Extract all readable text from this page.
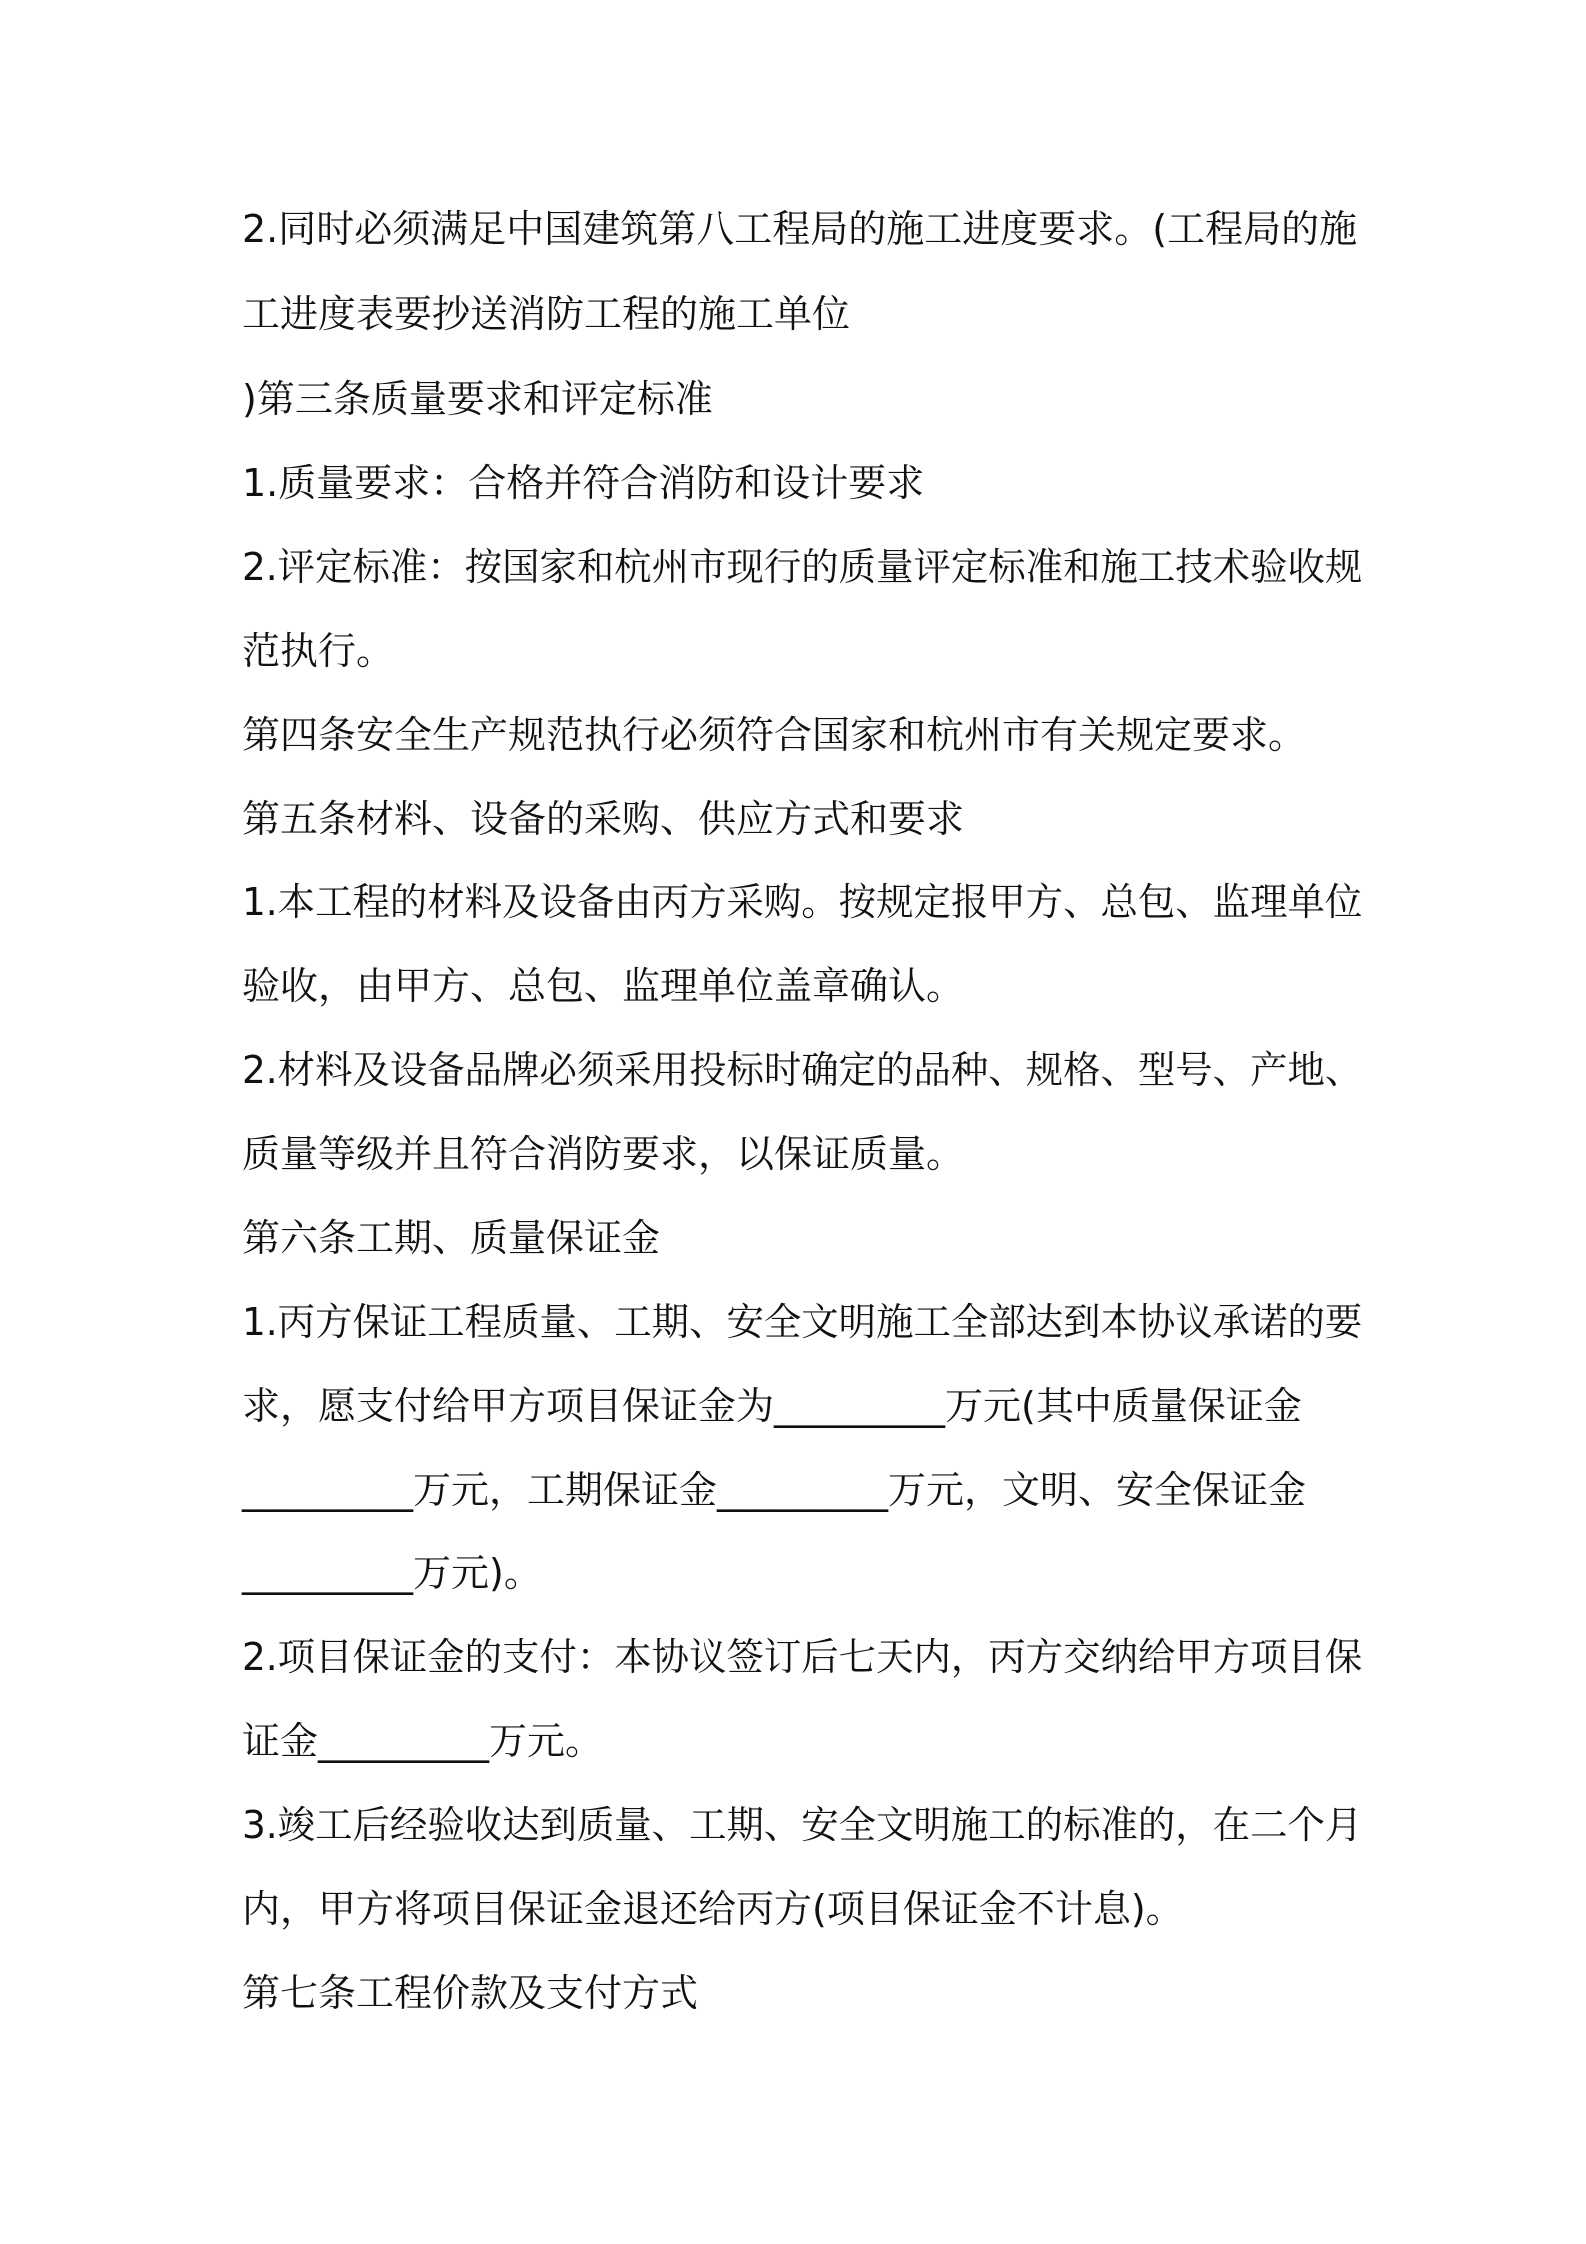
2.同时必须满足中国建筑第八工程局的施工进度要求。(工程局的施
工进度表要抄送消防工程的施工单位
)第三条质量要求和评定标准
1.质量要求：合格并符合消防和设计要求
2.评定标准：按国家和杭州市现行的质量评定标准和施工技术验收规
范执行。
第四条安全生产规范执行必须符合国家和杭州市有关规定要求。
第五条材料、设备的采购、供应方式和要求
1.本工程的材料及设备由丙方采购。按规定报甲方、总包、监理单位
验收，由甲方、总包、监理单位盖章确认。
2.材料及设备品牌必须采用投标时确定的品种、规格、型号、产地、
质量等级并且符合消防要求，以保证质量。
第六条工期、质量保证金
1.丙方保证工程质量、工期、安全文明施工全部达到本协议承诺的要
求，愿支付给甲方项目保证金为_________万元(其中质量保证金
_________万元，工期保证金_________万元，文明、安全保证金
_________万元)。
2.项目保证金的支付：本协议签订后七天内，丙方交纳给甲方项目保
证金_________万元。
3.竣工后经验收达到质量、工期、安全文明施工的标准的，在二个月
内，甲方将项目保证金退还给丙方(项目保证金不计息)。
第七条工程价款及支付方式
